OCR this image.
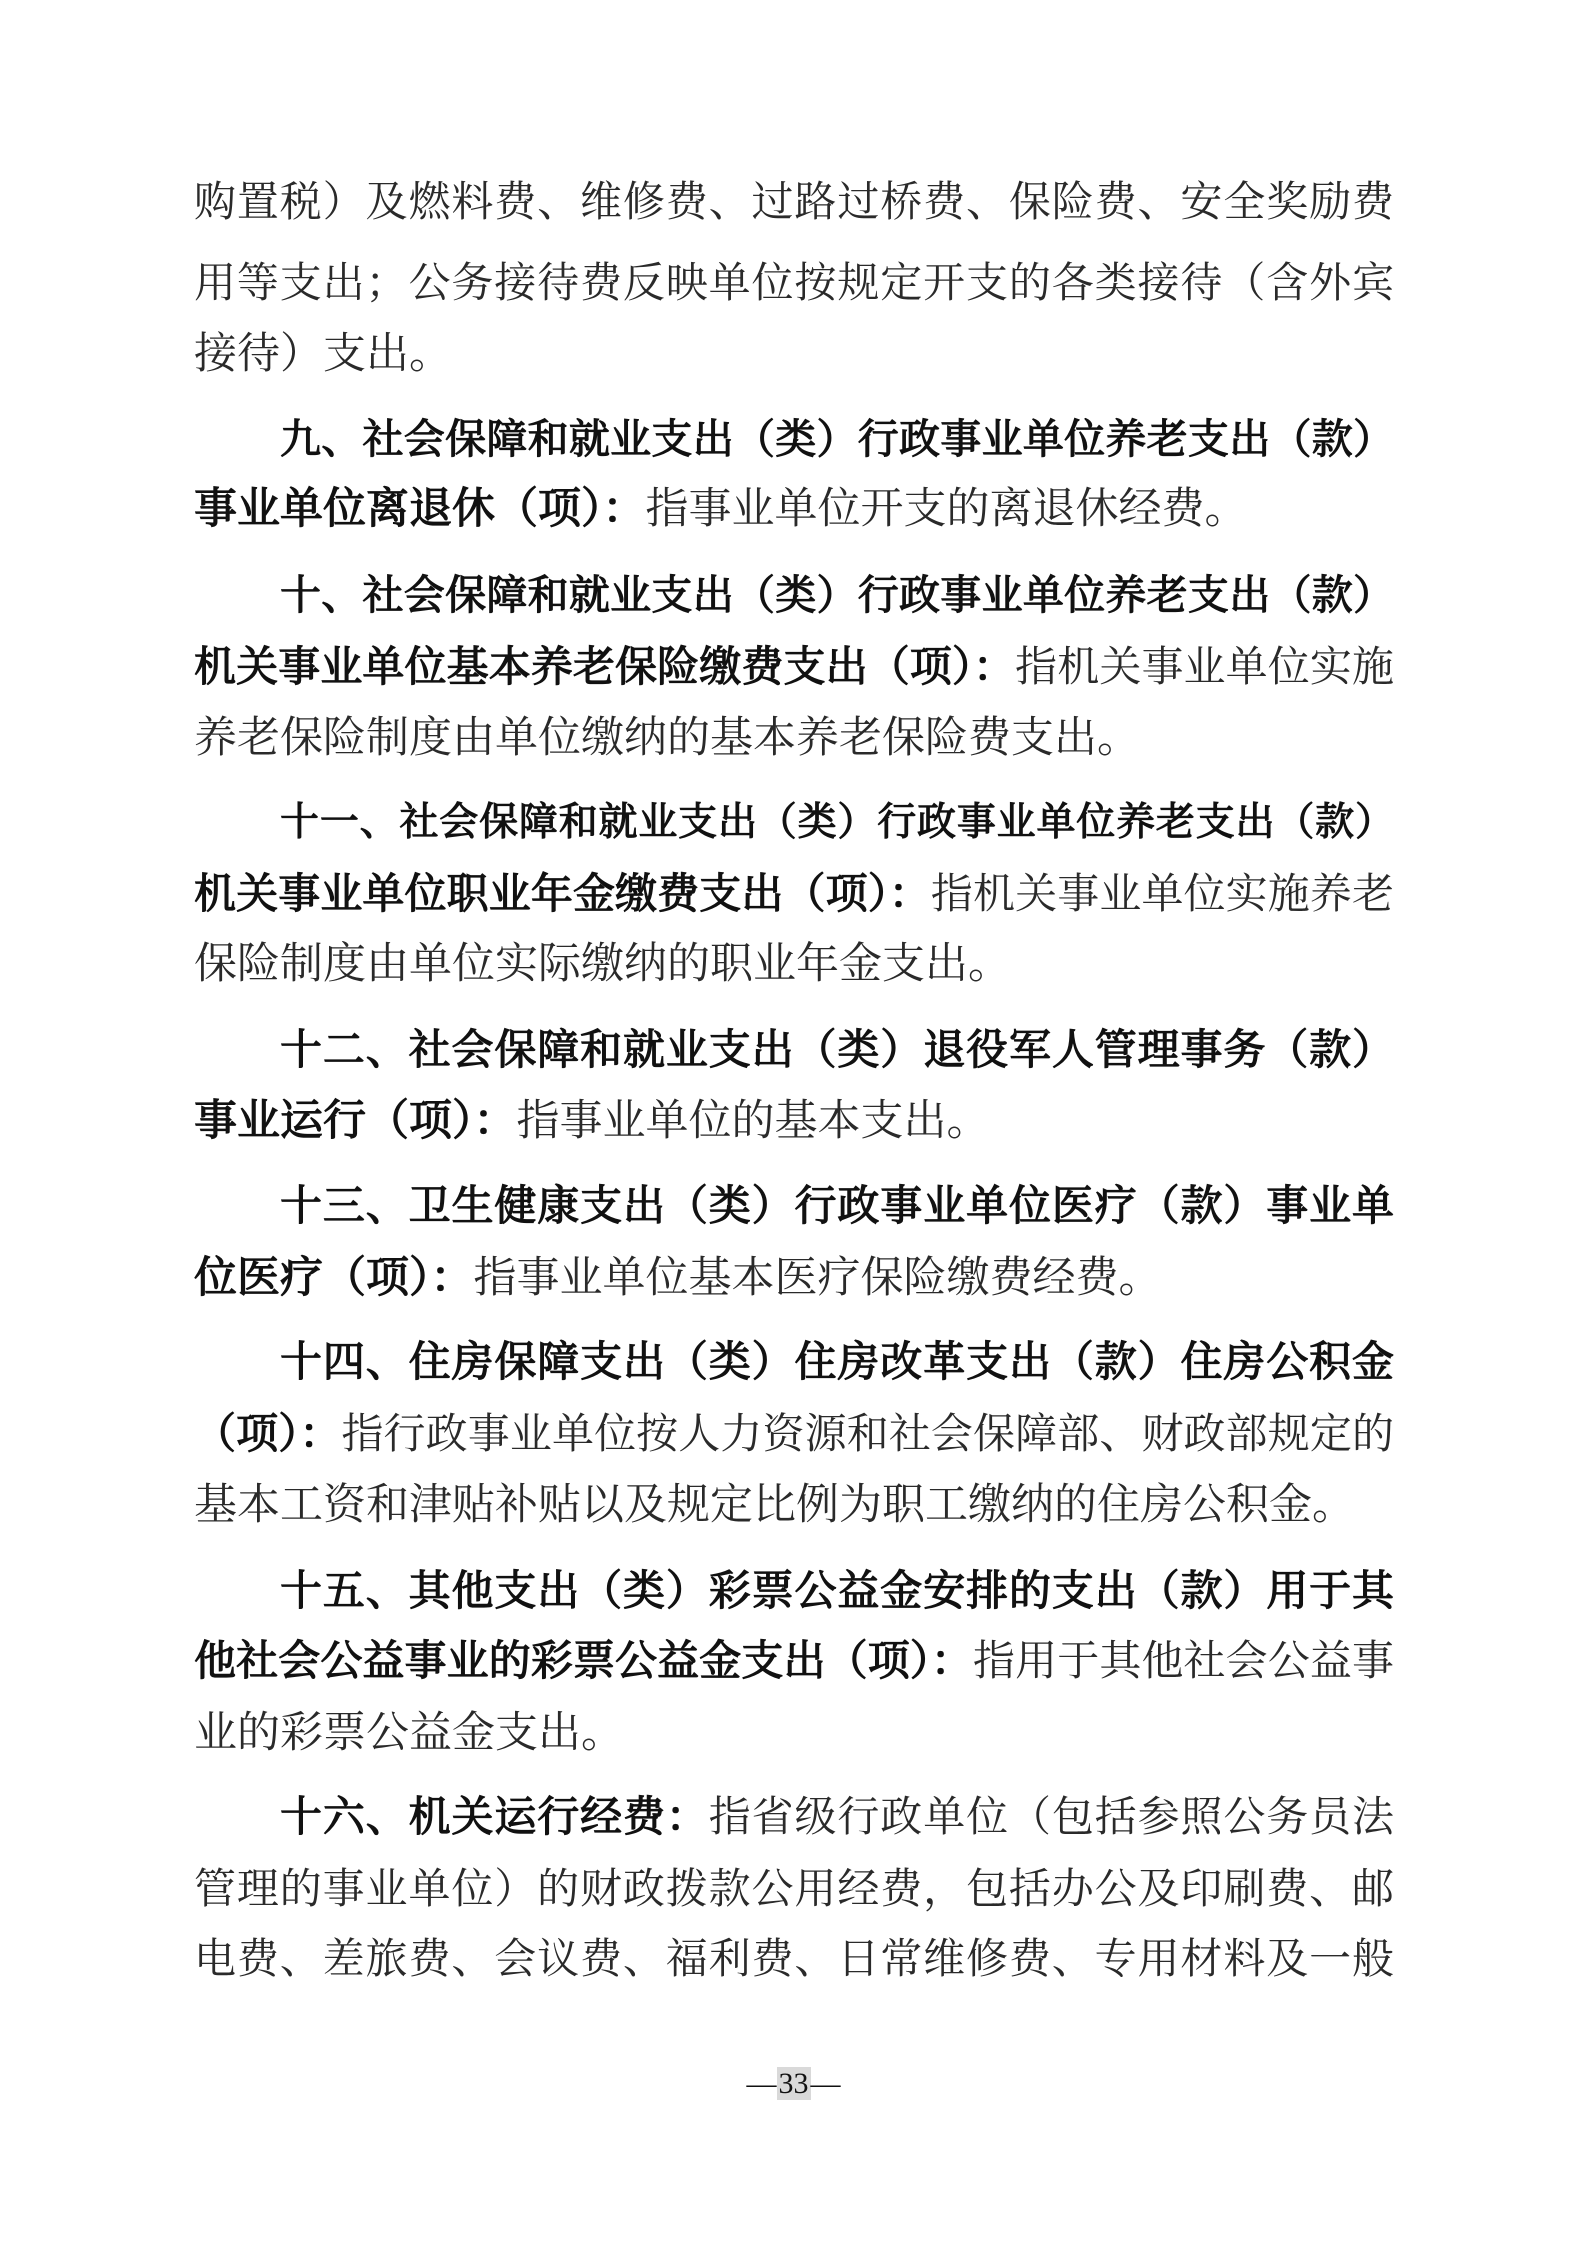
购置税）及燃料费、维修费、过路过桥费、保险费、安全奖励费
用等支出；公务接待费反映单位按规定开支的各类接待（含外宾
接待）支出。
九、社会保障和就业支出（类）行政事业单位养老支出（款）
事业单位离退休（项）：指事业单位开支的离退休经费。
十、社会保障和就业支出（类）行政事业单位养老支出（款）
机关事业单位基本养老保险缴费支出（项）：指机关事业单位实施
养老保险制度由单位缴纳的基本养老保险费支出。
十一、社会保障和就业支出（类）行政事业单位养老支出（款）
机关事业单位职业年金缴费支出（项）：指机关事业单位实施养老
保险制度由单位实际缴纳的职业年金支出。
十二、社会保障和就业支出（类）退役军人管理事务（款）
事业运行（项）：指事业单位的基本支出。
十三、卫生健康支出（类）行政事业单位医疗（款）事业单
位医疗（项）：指事业单位基本医疗保险缴费经费。
十四、住房保障支出（类）住房改革支出（款）住房公积金
（项）：指行政事业单位按人力资源和社会保障部、财政部规定的
基本工资和津贴补贴以及规定比例为职工缴纳的住房公积金。
十五、其他支出（类）彩票公益金安排的支出（款）用于其
他社会公益事业的彩票公益金支出（项）：指用于其他社会公益事
业的彩票公益金支出。
十六、机关运行经费：指省级行政单位（包括参照公务员法
管理的事业单位）的财政拨款公用经费，包括办公及印刷费、邮
电费、差旅费、会议费、福利费、日常维修费、专用材料及一般
—33—
